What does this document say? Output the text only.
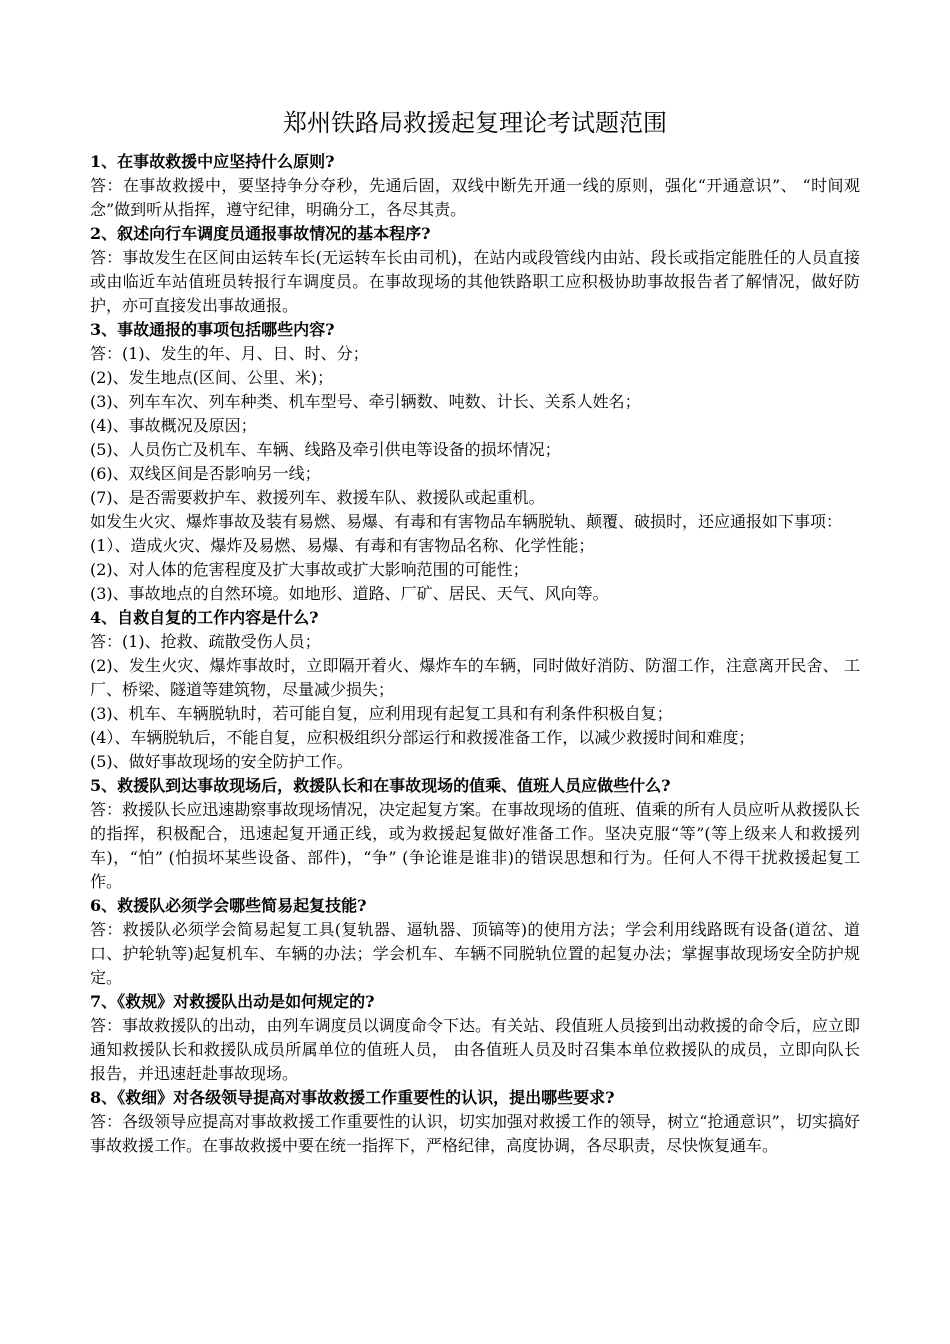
郑州铁路局救援起复理论考试题范围

1、在事故救援中应坚持什么原则?

答：在事故救援中，要坚持争分夺秒，先通后固，双线中断先开通一线的原则，强化“开通意识”、 “时间观念”做到听从指挥，遵守纪律，明确分工，各尽其责。

2、叙述向行车调度员通报事故情况的基本程序?

答：事故发生在区间由运转车长(无运转车长由司机)，在站内或段管线内由站、段长或指定能胜任的人员直接或由临近车站值班员转报行车调度员。在事故现场的其他铁路职工应积极协助事故报告者了解情况，做好防护，亦可直接发出事故通报。

3、事故通报的事项包括哪些内容?

答：(1)、发生的年、月、日、时、分；

(2)、发生地点(区间、公里、米)；

(3)、列车车次、列车种类、机车型号、牵引辆数、吨数、计长、关系人姓名；

(4)、事故概况及原因；

(5)、人员伤亡及机车、车辆、线路及牵引供电等设备的损坏情况；

(6)、双线区间是否影响另一线；

(7)、是否需要救护车、救援列车、救援车队、救援队或起重机。

如发生火灾、爆炸事故及装有易燃、易爆、有毒和有害物品车辆脱轨、颠覆、破损时，还应通报如下事项：

(1）、造成火灾、爆炸及易燃、易爆、有毒和有害物品名称、化学性能；

(2)、对人体的危害程度及扩大事故或扩大影响范围的可能性；

(3)、事故地点的自然环境。如地形、道路、厂矿、居民、天气、风向等。

4、自救自复的工作内容是什么?

答：(1)、抢救、疏散受伤人员；

(2)、发生火灾、爆炸事故时，立即隔开着火、爆炸车的车辆，同时做好消防、防溜工作，注意离开民舍、 工厂、桥梁、隧道等建筑物，尽量减少损失；

(3)、机车、车辆脱轨时，若可能自复，应利用现有起复工具和有利条件积极自复；

(4）、车辆脱轨后，不能自复，应积极组织分部运行和救援准备工作，以减少救援时间和难度；

(5)、做好事故现场的安全防护工作。

5、救援队到达事故现场后，救援队长和在事故现场的值乘、值班人员应做些什么?

答：救援队长应迅速勘察事故现场情况，决定起复方案。在事故现场的值班、值乘的所有人员应听从救援队长的指挥，积极配合，迅速起复开通正线，或为救援起复做好准备工作。坚决克服“等”(等上级来人和救援列车)，“怕” (怕损坏某些设备、部件)，“争” (争论谁是谁非)的错误思想和行为。任何人不得干扰救援起复工作。

6、救援队必须学会哪些简易起复技能?

答：救援队必须学会简易起复工具(复轨器、逼轨器、顶镐等)的使用方法；学会利用线路既有设备(道岔、道口、护轮轨等)起复机车、车辆的办法；学会机车、车辆不同脱轨位置的起复办法；掌握事故现场安全防护规定。

7、《救规》对救援队出动是如何规定的?

答：事故救援队的出动，由列车调度员以调度命令下达。有关站、段值班人员接到出动救援的命令后，应立即通知救援队长和救援队成员所属单位的值班人员， 由各值班人员及时召集本单位救援队的成员，立即向队长报告，并迅速赶赴事故现场。

8、《救细》对各级领导提高对事故救援工作重要性的认识，提出哪些要求?

答：各级领导应提高对事故救援工作重要性的认识，切实加强对救援工作的领导，树立“抢通意识”，切实搞好事故救援工作。在事故救援中要在统一指挥下，严格纪律，高度协调，各尽职责，尽快恢复通车。
